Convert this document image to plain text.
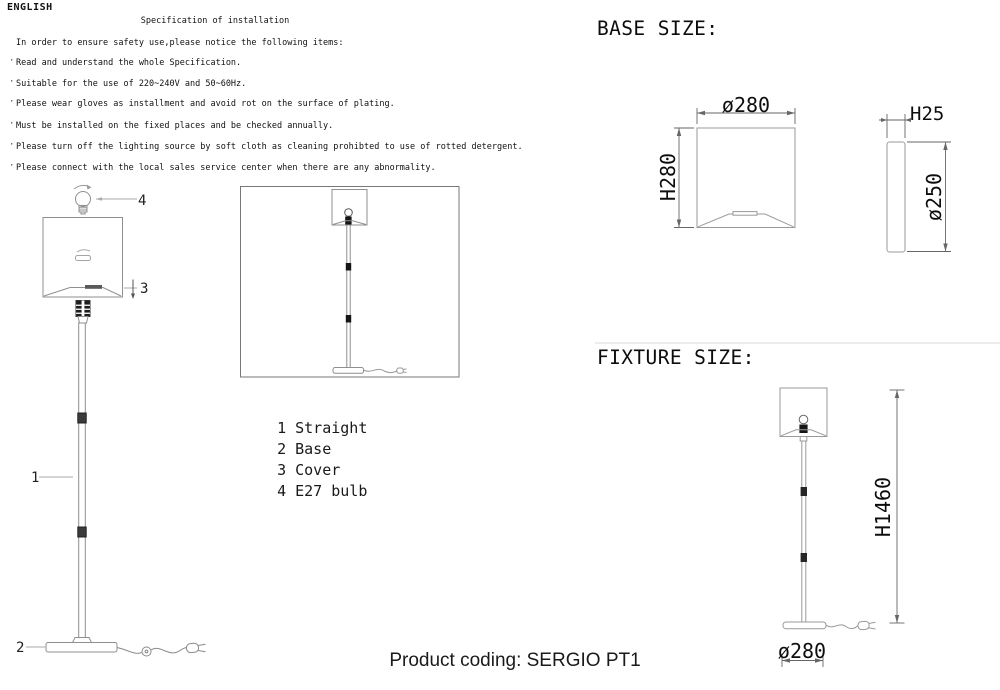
ENGLISH
Specification of installation
In order to ensure safety use,please notice the following items:
· Read and understand the whole Specification.
· Suitable for the use of 220~240V and 50~60Hz.
· Please wear gloves as installment and avoid rot on the surface of plating.
· Must be installed on the fixed places and be checked annually.
· Please turn off the lighting source by soft cloth as cleaning prohibted to use of rotted detergent.
· Please connect with the local sales service center when there are any abnormality.
4
3
1
2

1 Straight

2 Base

3 Cover

4 E27 bulb

BASE SIZE:
FIXTURE SIZE:
ø280
H280
H25
ø250
H1460
ø280
Product coding: SERGIO PT1
